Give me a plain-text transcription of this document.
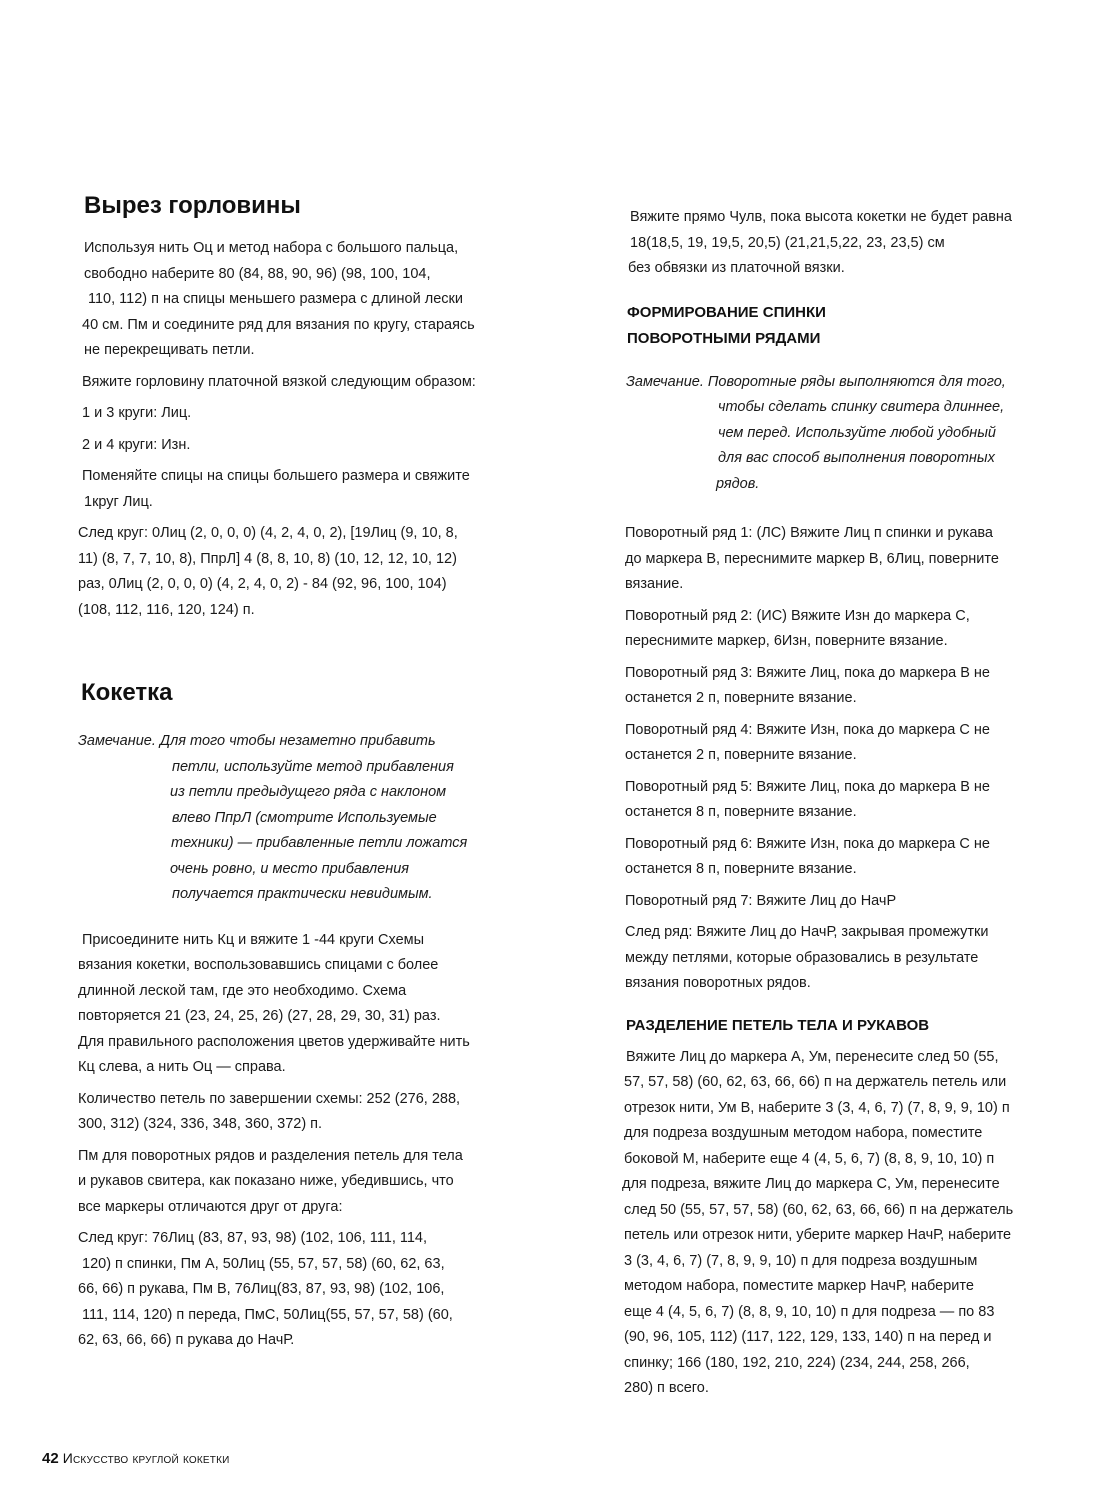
Вырез горловины

Используя нить Оц и метод набора с большого пальца,
свободно наберите 80 (84, 88, 90, 96) (98, 100, 104,
110, 112) п на спицы меньшего размера с длиной лески
40 см. Пм и соедините ряд для вязания по кругу, стараясь
не перекрещивать петли.

Вяжите горловину платочной вязкой следующим образом:

1 и 3 круги: Лиц.

2 и 4 круги: Изн.

Поменяйте спицы на спицы большего размера и свяжите
1круг Лиц.

След круг: 0Лиц (2, 0, 0, 0) (4, 2, 4, 0, 2), [19Лиц (9, 10, 8,
11) (8, 7, 7, 10, 8), ПпрЛ] 4 (8, 8, 10, 8) (10, 12, 12, 10, 12)
раз, 0Лиц (2, 0, 0, 0) (4, 2, 4, 0, 2) - 84 (92, 96, 100, 104)
(108, 112, 116, 120, 124) п.

Кокетка

Замечание. Для того чтобы незаметно прибавить

петли, используйте метод прибавления

из петли предыдущего ряда с наклоном

влево ПпрЛ (смотрите Используемые

техники) — прибавленные петли ложатся

очень ровно, и место прибавления

получается практически невидимым.

Присоедините нить Кц и вяжите 1 -44 круги Схемы
вязания кокетки, воспользовавшись спицами с более
длинной леской там, где это необходимо. Схема
повторяется 21 (23, 24, 25, 26) (27, 28, 29, 30, 31) раз.
Для правильного расположения цветов удерживайте нить
Кц слева, а нить Оц — справа.

Количество петель по завершении схемы: 252 (276, 288,
300, 312) (324, 336, 348, 360, 372) п.

Пм для поворотных рядов и разделения петель для тела
и рукавов свитера, как показано ниже, убедившись, что
все маркеры отличаются друг от друга:

След круг: 76Лиц (83, 87, 93, 98) (102, 106, 111, 114,
120) п спинки, Пм А, 50Лиц (55, 57, 57, 58) (60, 62, 63,
66, 66) п рукава, Пм В, 76Лиц(83, 87, 93, 98) (102, 106,
111, 114, 120) п переда, ПмС, 50Лиц(55, 57, 57, 58) (60,
62, 63, 66, 66) п рукава до НачР.

Вяжите прямо Чулв, пока высота кокетки не будет равна
18(18,5, 19, 19,5, 20,5) (21,21,5,22, 23, 23,5) см
без обвязки из платочной вязки.

ФОРМИРОВАНИЕ СПИНКИ
ПОВОРОТНЫМИ РЯДАМИ

Замечание. Поворотные ряды выполняются для того,

чтобы сделать спинку свитера длиннее,

чем перед. Используйте любой удобный

для вас способ выполнения поворотных

рядов.

Поворотный ряд 1: (ЛС) Вяжите Лиц п спинки и рукава
до маркера В, переснимите маркер В, 6Лиц, поверните
вязание.

Поворотный ряд 2: (ИС) Вяжите Изн до маркера С,
переснимите маркер, 6Изн, поверните вязание.

Поворотный ряд 3: Вяжите Лиц, пока до маркера В не
останется 2 п, поверните вязание.

Поворотный ряд 4: Вяжите Изн, пока до маркера С не
останется 2 п, поверните вязание.

Поворотный ряд 5: Вяжите Лиц, пока до маркера В не
останется 8 п, поверните вязание.

Поворотный ряд 6: Вяжите Изн, пока до маркера С не
останется 8 п, поверните вязание.

Поворотный ряд 7: Вяжите Лиц до НачР

След ряд: Вяжите Лиц до НачР, закрывая промежутки
между петлями, которые образовались в результате
вязания поворотных рядов.

РАЗДЕЛЕНИЕ ПЕТЕЛЬ ТЕЛА И РУКАВОВ

Вяжите Лиц до маркера А, Ум, перенесите след 50 (55,
57, 57, 58) (60, 62, 63, 66, 66) п на держатель петель или
отрезок нити, Ум В, наберите 3 (3, 4, 6, 7) (7, 8, 9, 9, 10) п
для подреза воздушным методом набора, поместите
боковой М, наберите еще 4 (4, 5, 6, 7) (8, 8, 9, 10, 10) п
для подреза, вяжите Лиц до маркера С, Ум, перенесите
след 50 (55, 57, 57, 58) (60, 62, 63, 66, 66) п на держатель
петель или отрезок нити, уберите маркер НачР, наберите
3 (3, 4, 6, 7) (7, 8, 9, 9, 10) п для подреза воздушным
методом набора, поместите маркер НачР, наберите
еще 4 (4, 5, 6, 7) (8, 8, 9, 10, 10) п для подреза — по 83
(90, 96, 105, 112) (117, 122, 129, 133, 140) п на перед и
спинку; 166 (180, 192, 210, 224) (234, 244, 258, 266,
280) п всего.

42 Искусство круглой кокетки
